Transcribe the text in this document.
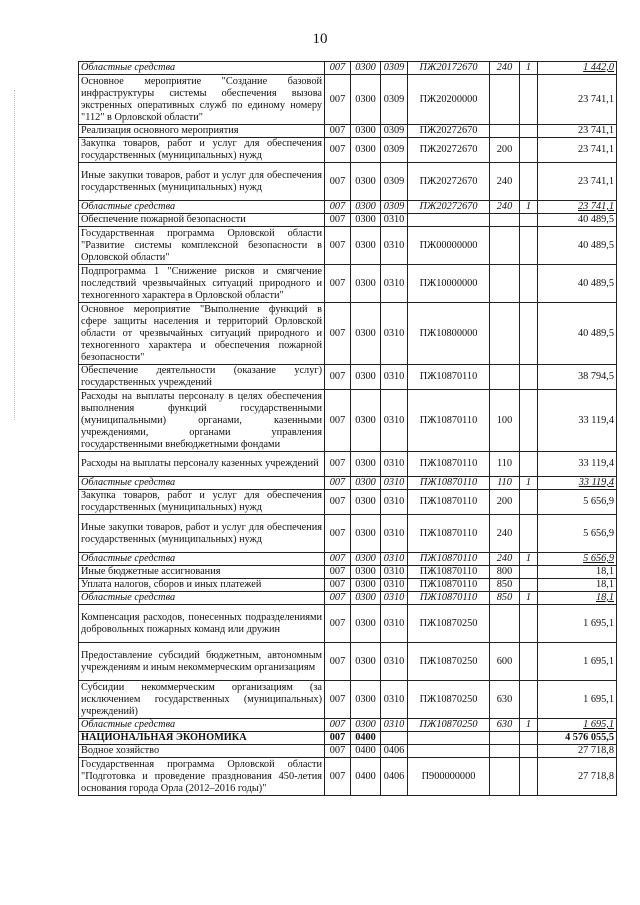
10
Областные средства	007	0300	0309	ПЖ20172670	240	1	1 442,0
Основное мероприятие "Создание базовой инфраструктуры системы обеспечения вызова экстренных оперативных служб по единому номеру "112" в Орловской области"	007	0300	0309	ПЖ20200000			23 741,1
Реализация основного мероприятия	007	0300	0309	ПЖ20272670			23 741,1
Закупка товаров, работ и услуг для обеспечения государственных (муниципальных) нужд	007	0300	0309	ПЖ20272670	200		23 741,1
Иные закупки товаров, работ и услуг для обеспечения государственных (муниципальных) нужд	007	0300	0309	ПЖ20272670	240		23 741,1
Областные средства	007	0300	0309	ПЖ20272670	240	1	23 741,1
Обеспечение пожарной безопасности	007	0300	0310				40 489,5
Государственная программа Орловской области "Развитие системы комплексной безопасности в Орловской области"	007	0300	0310	ПЖ00000000			40 489,5
Подпрограмма 1 "Снижение рисков и смягчение последствий чрезвычайных ситуаций природного и техногенного характера в Орловской области"	007	0300	0310	ПЖ10000000			40 489,5
Основное мероприятие "Выполнение функций в сфере защиты населения и территорий Орловской области от чрезвычайных ситуаций природного и техногенного характера и обеспечения пожарной безопасности"	007	0300	0310	ПЖ10800000			40 489,5
Обеспечение деятельности (оказание услуг) государственных учреждений	007	0300	0310	ПЖ10870110			38 794,5
Расходы на выплаты персоналу в целях обеспечения выполнения функций государственными (муниципальными) органами, казенными учреждениями, органами управления государственными внебюджетными фондами	007	0300	0310	ПЖ10870110	100		33 119,4
Расходы на выплаты персоналу казенных учреждений	007	0300	0310	ПЖ10870110	110		33 119,4
Областные средства	007	0300	0310	ПЖ10870110	110	1	33 119,4
Закупка товаров, работ и услуг для обеспечения государственных (муниципальных) нужд	007	0300	0310	ПЖ10870110	200		5 656,9
Иные закупки товаров, работ и услуг для обеспечения государственных (муниципальных) нужд	007	0300	0310	ПЖ10870110	240		5 656,9
Областные средства	007	0300	0310	ПЖ10870110	240	1	5 656,9
Иные бюджетные ассигнования	007	0300	0310	ПЖ10870110	800		18,1
Уплата налогов, сборов и иных платежей	007	0300	0310	ПЖ10870110	850		18,1
Областные средства	007	0300	0310	ПЖ10870110	850	1	18,1
Компенсация расходов, понесенных подразделениями добровольных пожарных команд или дружин	007	0300	0310	ПЖ10870250			1 695,1
Предоставление субсидий бюджетным, автономным учреждениям и иным некоммерческим организациям	007	0300	0310	ПЖ10870250	600		1 695,1
Субсидии некоммерческим организациям (за исключением государственных (муниципальных) учреждений)	007	0300	0310	ПЖ10870250	630		1 695,1
Областные средства	007	0300	0310	ПЖ10870250	630	1	1 695,1
НАЦИОНАЛЬНАЯ ЭКОНОМИКА	007	0400					4 576 055,5
Водное хозяйство	007	0400	0406				27 718,8
Государственная программа Орловской области "Подготовка и проведение празднования 450-летия основания города Орла (2012–2016 годы)"	007	0400	0406	П900000000			27 718,8
